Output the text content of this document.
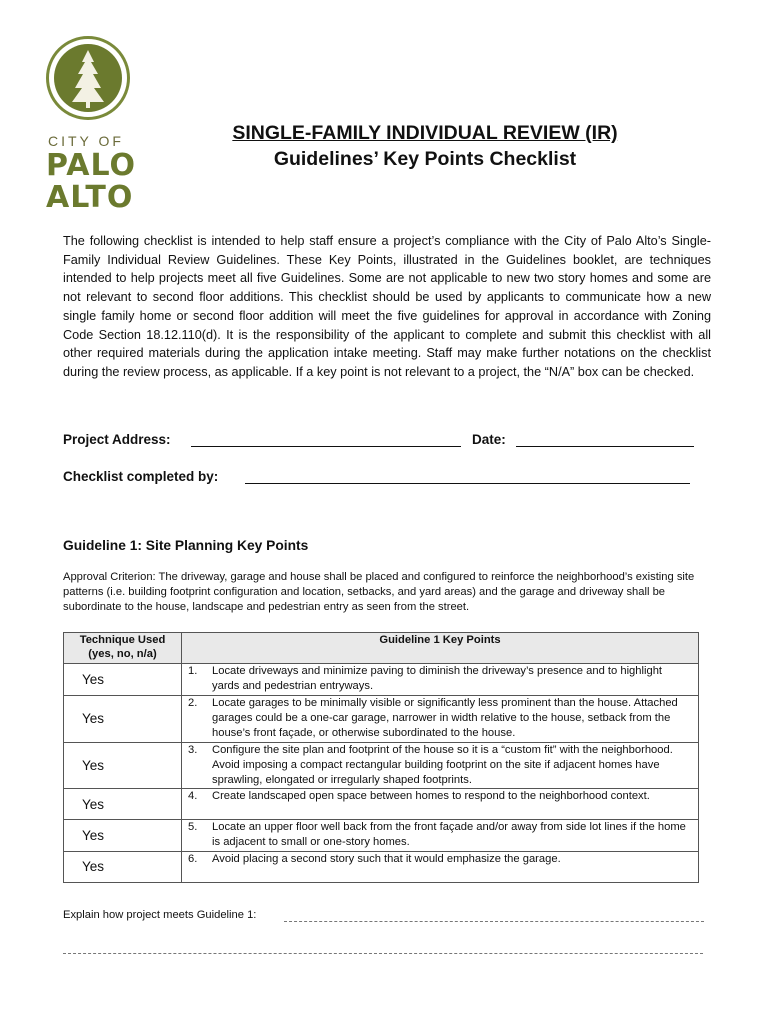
CITY OF
PALO
ALTO
SINGLE-FAMILY INDIVIDUAL REVIEW (IR)
Guidelines’ Key Points Checklist
The following checklist is intended to help staff ensure a project’s compliance with the City of Palo Alto’s Single-Family Individual Review Guidelines. These Key Points, illustrated in the Guidelines booklet, are techniques intended to help projects meet all five Guidelines. Some are not applicable to new two story homes and some are not relevant to second floor additions. This checklist should be used by applicants to communicate how a new single family home or second floor addition will meet the five guidelines for approval in accordance with Zoning Code Section 18.12.110(d). It is the responsibility of the applicant to complete and submit this checklist with all other required materials during the application intake meeting. Staff may make further notations on the checklist during the review process, as applicable. If a key point is not relevant to a project, the “N/A” box can be checked.
Project Address:	Date:
Checklist completed by:
Guideline 1: Site Planning Key Points
Approval Criterion: The driveway, garage and house shall be placed and configured to reinforce the neighborhood’s existing site patterns (i.e. building footprint configuration and location, setbacks, and yard areas) and the garage and driveway shall be subordinate to the house, landscape and pedestrian entry as seen from the street.
Technique Used
(yes, no, n/a)	Guideline 1 Key Points
Yes	1. Locate driveways and minimize paving to diminish the driveway’s presence and to highlight yards and pedestrian entryways.

Yes	2. Locate garages to be minimally visible or significantly less prominent than the house. Attached garages could be a one-car garage, narrower in width relative to the house, setback from the house’s front façade, or otherwise subordinated to the house.

Yes	3. Configure the site plan and footprint of the house so it is a “custom fit” with the neighborhood. Avoid imposing a compact rectangular building footprint on the site if adjacent homes have sprawling, elongated or irregularly shaped footprints.

Yes	4. Create landscaped open space between homes to respond to the neighborhood context.

Yes	5. Locate an upper floor well back from the front façade and/or away from side lot lines if the home is adjacent to small or one-story homes.

Yes	6. Avoid placing a second story such that it would emphasize the garage.
Explain how project meets Guideline 1:
